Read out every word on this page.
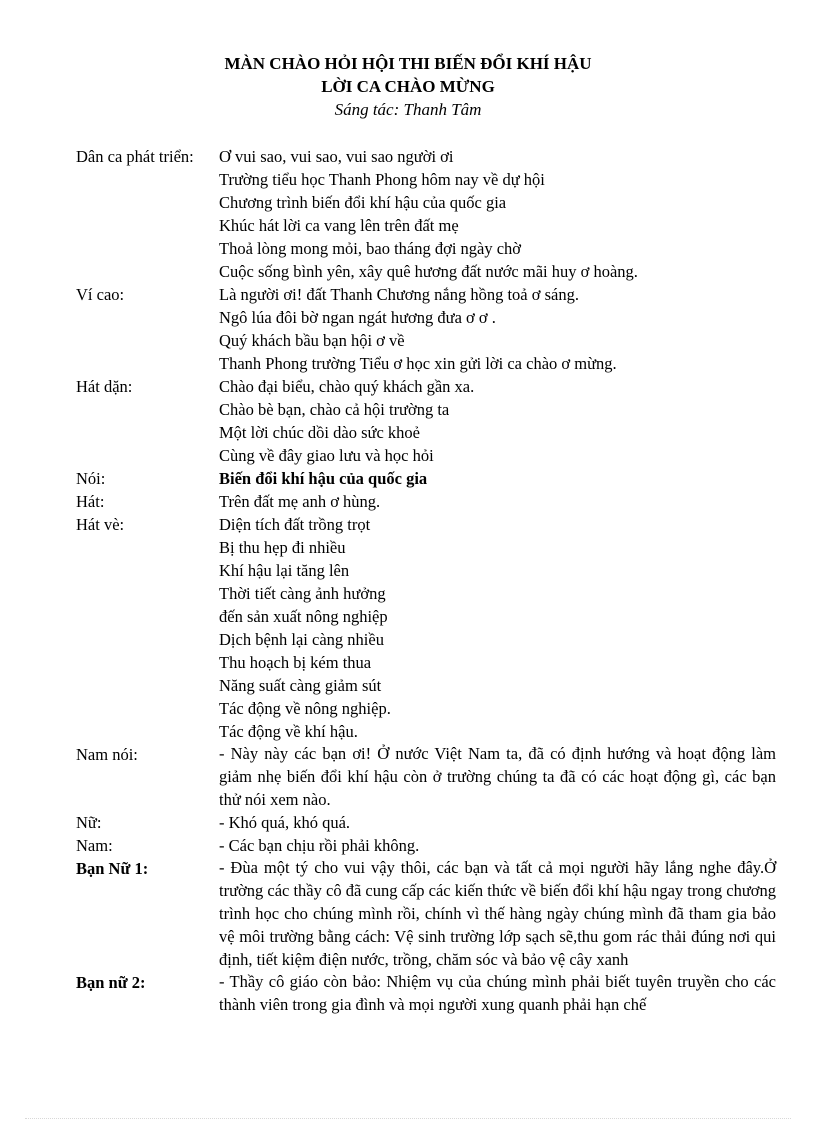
MÀN CHÀO HỎI HỘI THI BIẾN ĐỔI KHÍ HẬU
LỜI CA CHÀO MỪNG
Sáng tác: Thanh Tâm
Dân ca phát triển:	Ơ vui sao, vui sao, vui sao người ơi
Trường tiểu học Thanh Phong hôm nay về dự hội
Chương trình biến đổi khí hậu của quốc gia
Khúc hát lời ca vang lên trên đất mẹ
Thoả lòng mong mỏi, bao tháng đợi ngày chờ
Cuộc sống bình yên, xây quê hương đất nước mãi huy ơ hoàng.
Ví cao:	Là người ơi! đất Thanh Chương nắng hồng toả ơ sáng.
Ngô lúa đôi bờ ngan ngát hương đưa ơ ơ .
Quý khách bầu bạn hội ơ về
Thanh Phong trường Tiểu ơ học xin gửi lời ca chào ơ mừng.
Hát dặn:	Chào đại biểu, chào quý khách gần xa.
Chào bè bạn, chào cả hội trường ta
Một lời chúc dồi dào sức khoẻ
Cùng về đây giao lưu và học hỏi
Nói:	Biến đổi khí hậu của quốc gia
Hát:	Trên đất mẹ anh ơ hùng.
Hát vè:	Diện tích đất trồng trọt
Bị thu hẹp đi nhiều
Khí hậu lại tăng lên
Thời tiết càng ảnh hưởng
đến sản xuất nông nghiệp
Dịch bệnh lại càng nhiều
Thu hoạch bị kém thua
Năng suất càng giảm sút
Tác động về nông nghiệp.
Tác động về khí hậu.
Nam nói:	- Này này các bạn ơi! Ở nước Việt Nam ta, đã có định hướng và hoạt động làm giảm nhẹ biến đổi khí hậu còn ở trường chúng ta đã có các hoạt động gì, các bạn thử nói xem nào.
Nữ:	- Khó quá, khó quá.
Nam:	- Các bạn chịu rồi phải không.
Bạn Nữ 1:	- Đùa một tý cho vui vậy thôi, các bạn và tất cả mọi người hãy lắng nghe đây.Ở trường các thầy cô đã cung cấp các kiến thức về biến đổi khí hậu ngay trong chương trình học cho chúng mình rồi, chính vì thế hàng ngày chúng mình đã tham gia bảo vệ môi trường bằng cách: Vệ sinh trường lớp sạch sẽ,thu gom rác thải đúng nơi qui định, tiết kiệm điện nước, trồng, chăm sóc và bảo vệ cây xanh
Bạn nữ 2:	- Thầy cô giáo còn bảo: Nhiệm vụ của chúng mình phải biết tuyên truyền cho các thành viên trong gia đình và mọi người xung quanh phải hạn chế
